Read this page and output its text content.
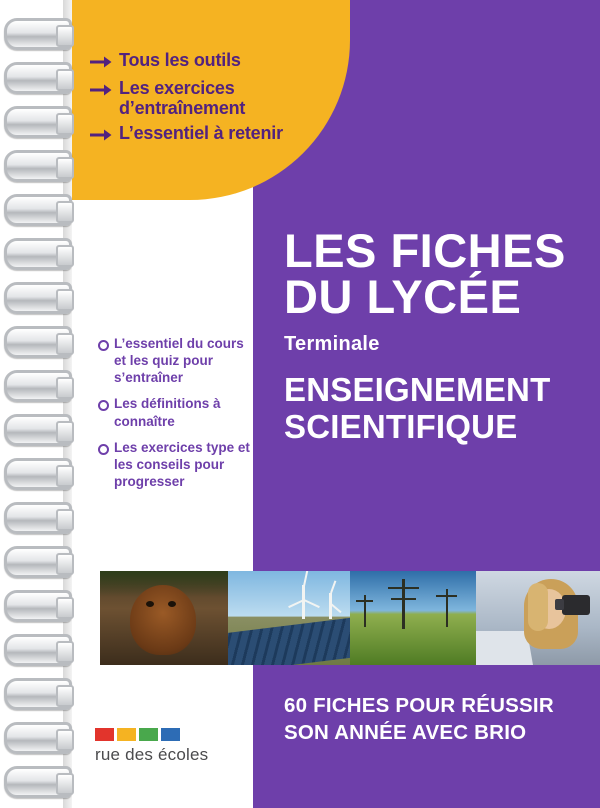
Tous les outils
Les exercices d’entraînement
L’essentiel à retenir
L’essentiel du cours et les quiz pour s’entraîner
Les définitions à connaître
Les exercices type et les conseils pour progresser
LES FICHES
DU LYCÉE
Terminale
ENSEIGNEMENT
SCIENTIFIQUE
60 FICHES POUR RÉUSSIR
SON ANNÉE AVEC BRIO
rue des écoles
